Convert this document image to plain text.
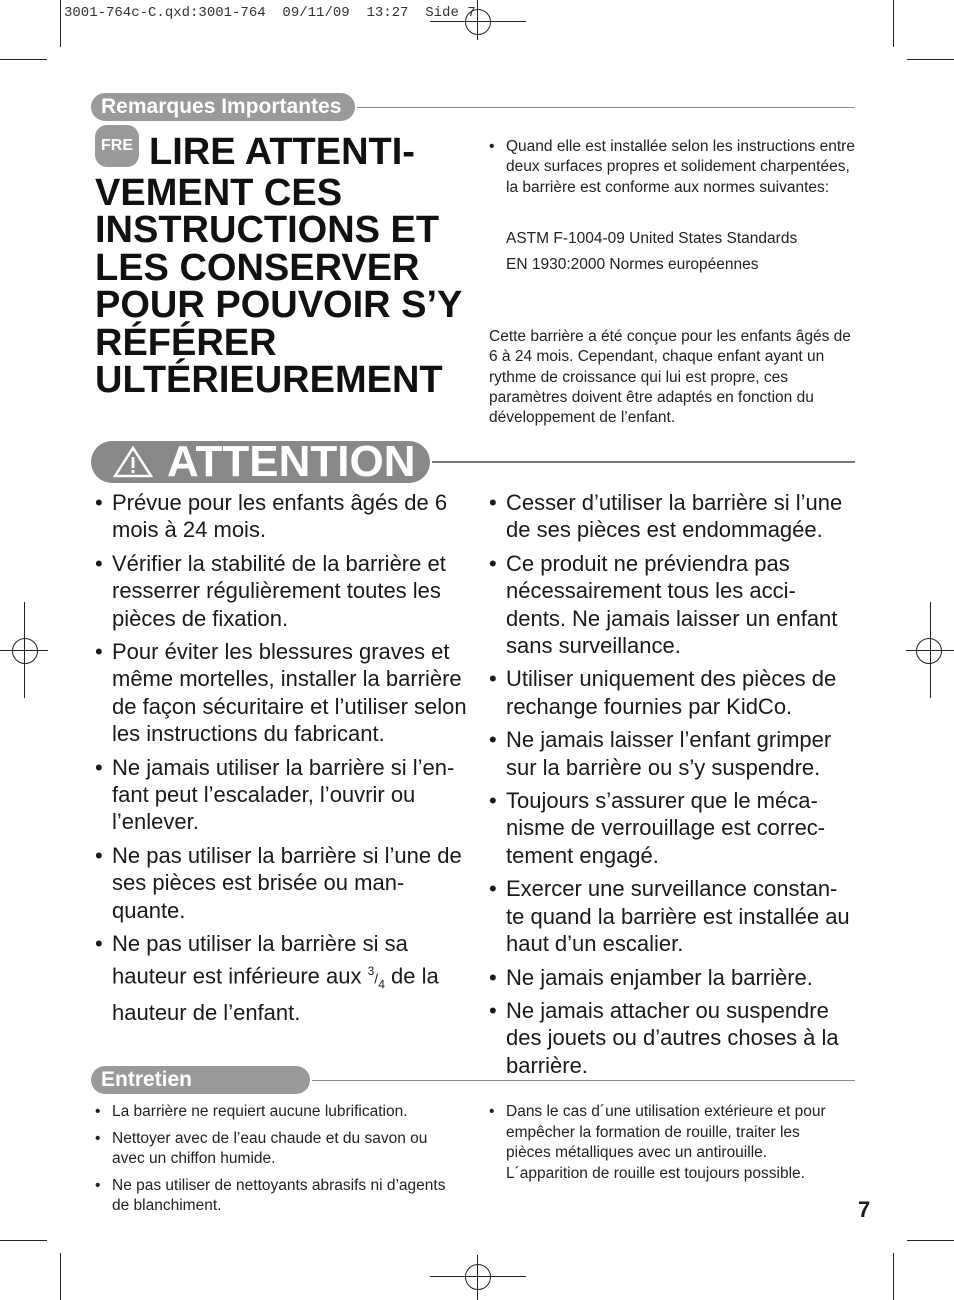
3001-764c-C.qxd:3001-764  09/11/09  13:27  Side 7
Remarques Importantes
FRE LIRE ATTENTI- VEMENT CES INSTRUCTIONS ET LES CONSERVER POUR POUVOIR S’Y RÉFÉRER ULTÉRIEUREMENT
• Quand elle est installée selon les instructions entre deux surfaces propres et solidement charpentées, la barrière est conforme aux normes suivantes:
ASTM F-1004-09 United States Standards
EN 1930:2000 Normes européennes
Cette barrière a été conçue pour les enfants âgés de 6 à 24 mois. Cependant, chaque enfant ayant un rythme de croissance qui lui est propre, ces paramètres doivent être adaptés en fonction du développement de l’enfant.
ATTENTION
• Prévue pour les enfants âgés de 6 mois à 24 mois.
• Vérifier la stabilité de la barrière et resserrer régulièrement toutes les pièces de fixation.
• Pour éviter les blessures graves et même mortelles, installer la barrière de façon sécuritaire et l’utiliser selon les instructions du fabricant.
• Ne jamais utiliser la barrière si l’en- fant peut l’escalader, l’ouvrir ou l’enlever.
• Ne pas utiliser la barrière si l’une de ses pièces est brisée ou man- quante.
• Ne pas utiliser la barrière si sa hauteur est inférieure aux $^3/_4$ de la hauteur de l’enfant.
• Cesser d’utiliser la barrière si l’une de ses pièces est endommagée.
• Ce produit ne préviendra pas nécessairement tous les acci- dents. Ne jamais laisser un enfant sans surveillance.
• Utiliser uniquement des pièces de rechange fournies par KidCo.
• Ne jamais laisser l’enfant grimper sur la barrière ou s’y suspendre.
• Toujours s’assurer que le méca- nisme de verrouillage est correc- tement engagé.
• Exercer une surveillance constan- te quand la barrière est installée au haut d’un escalier.
• Ne jamais enjamber la barrière.
• Ne jamais attacher ou suspendre des jouets ou d’autres choses à la barrière.
Entretien
• La barrière ne requiert aucune lubrification.
• Nettoyer avec de l’eau chaude et du savon ou avec un chiffon humide.
• Ne pas utiliser de nettoyants abrasifs ni d’agents de blanchiment.
• Dans le cas d´une utilisation extérieure et pour empêcher la formation de rouille, traiter les pièces métalliques avec un antirouille.
L´apparition de rouille est toujours possible.
7
